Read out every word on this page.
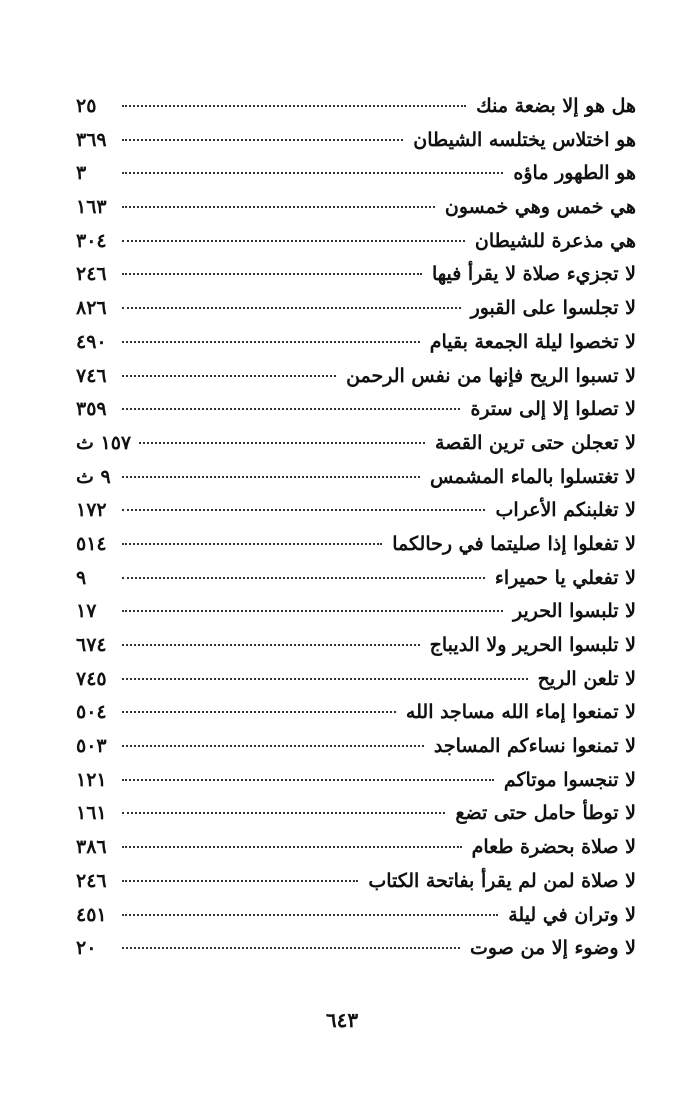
هل هو إلا بضعة منك
٢٥
هو اختلاس يختلسه الشيطان
٣٦٩
هو الطهور ماؤه
٣
هي خمس وهي خمسون
١٦٣
هي مذعرة للشيطان
٣٠٤
لا تجزيء صلاة لا يقرأ فيها
٢٤٦
لا تجلسوا على القبور
٨٢٦
لا تخصوا ليلة الجمعة بقيام
٤٩٠
لا تسبوا الريح فإنها من نفس الرحمن
٧٤٦
لا تصلوا إلا إلى سترة
٣٥٩
لا تعجلن حتى ترين القصة
١٥٧ ث
لا تغتسلوا بالماء المشمس
٩ ث
لا تغلبنكم الأعراب
١٧٢
لا تفعلوا إذا صليتما في رحالكما
٥١٤
لا تفعلي يا حميراء
٩
لا تلبسوا الحرير
١٧
لا تلبسوا الحرير ولا الديباج
٦٧٤
لا تلعن الريح
٧٤٥
لا تمنعوا إماء الله مساجد الله
٥٠٤
لا تمنعوا نساءكم المساجد
٥٠٣
لا تنجسوا موتاكم
١٢١
لا توطأ حامل حتى تضع
١٦١
لا صلاة بحضرة طعام
٣٨٦
لا صلاة لمن لم يقرأ بفاتحة الكتاب
٢٤٦
لا وتران في ليلة
٤٥١
لا وضوء إلا من صوت
٢٠
٦٤٣
